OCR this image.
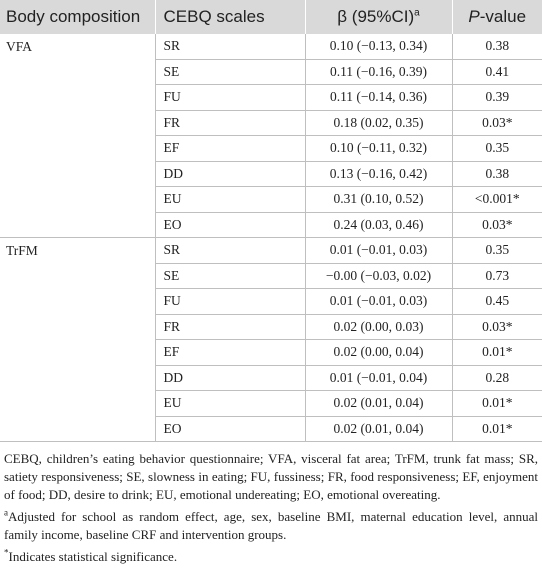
Body composition	CEBQ scales	β $(95\%CI)^a$	P-value
VFA	SR	0.10 (−0.13, 0.34)	0.38
	SE	0.11 (−0.16, 0.39)	0.41
	FU	0.11 (−0.14, 0.36)	0.39
	FR	0.18 (0.02, 0.35)	0.03*
	EF	0.10 (−0.11, 0.32)	0.35
	DD	0.13 (−0.16, 0.42)	0.38
	EU	0.31 (0.10, 0.52)	<0.001*
	EO	0.24 (0.03, 0.46)	0.03*
TrFM	SR	0.01 (−0.01, 0.03)	0.35
	SE	−0.00 (−0.03, 0.02)	0.73
	FU	0.01 (−0.01, 0.03)	0.45
	FR	0.02 (0.00, 0.03)	0.03*
	EF	0.02 (0.00, 0.04)	0.01*
	DD	0.01 (−0.01, 0.04)	0.28
	EU	0.02 (0.01, 0.04)	0.01*
	EO	0.02 (0.01, 0.04)	0.01*

CEBQ, children’s eating behavior questionnaire; VFA, visceral fat area; TrFM, trunk fat mass; SR, satiety responsiveness; SE, slowness in eating; FU, fussiness; FR, food responsiveness; EF, enjoyment of food; DD, desire to drink; EU, emotional undereating; EO, emotional overeating.

$^a$Adjusted for school as random effect, age, sex, baseline BMI, maternal education level, annual family income, baseline CRF and intervention groups.

*Indicates statistical significance.
